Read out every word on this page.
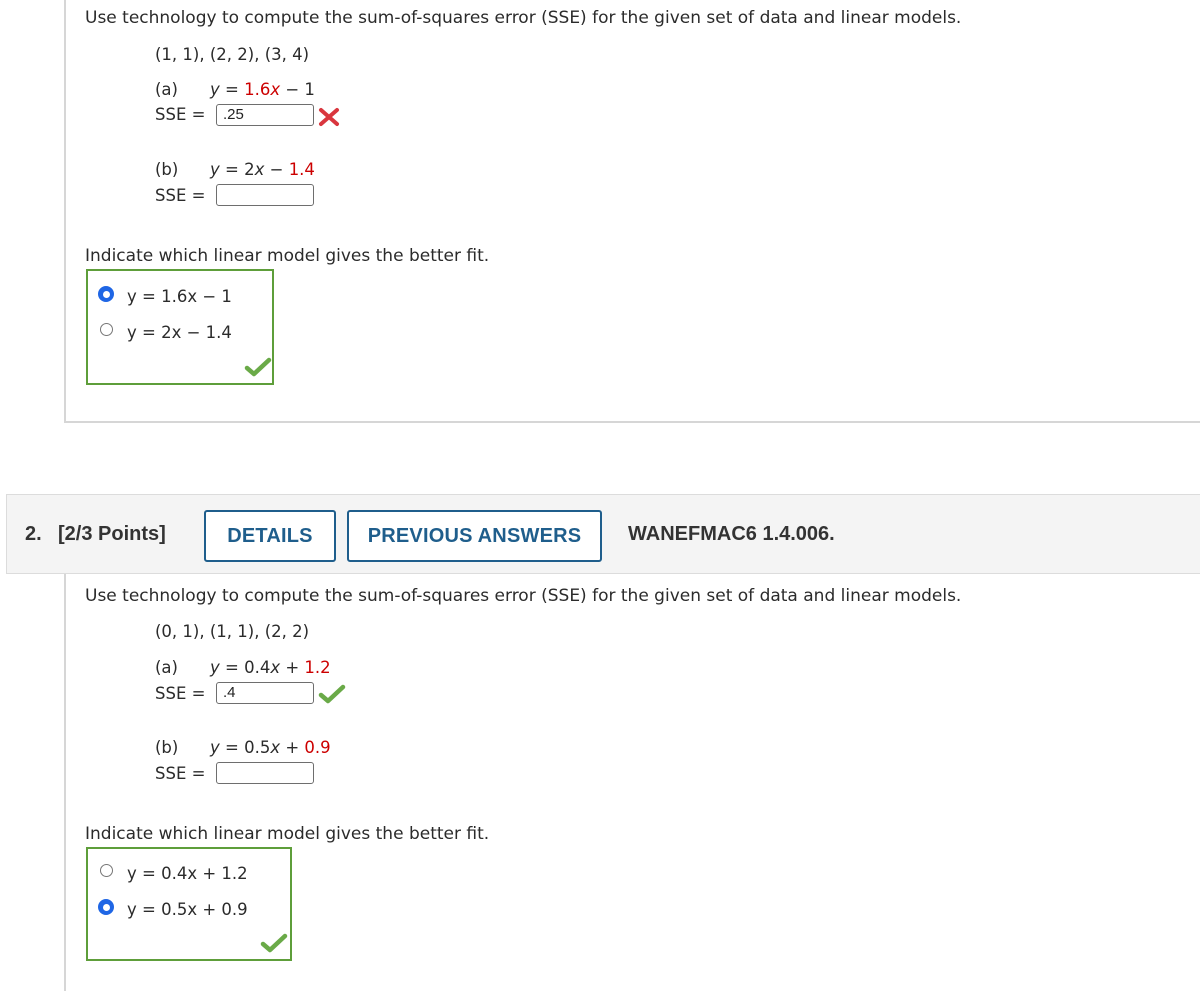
Use technology to compute the sum-of-squares error (SSE) for the given set of data and linear models.
(1, 1), (2, 2), (3, 4)
(a) y = 1.6x − 1
SSE =	.25
(b) y = 2x − 1.4
SSE =
Indicate which linear model gives the better fit.
y = 1.6x − 1
y = 2x − 1.4
2. [2/3 Points]	DETAILS	PREVIOUS ANSWERS	WANEFMAC6 1.4.006.
Use technology to compute the sum-of-squares error (SSE) for the given set of data and linear models.
(0, 1), (1, 1), (2, 2)
(a) y = 0.4x + 1.2
SSE =	.4
(b) y = 0.5x + 0.9
SSE =
Indicate which linear model gives the better fit.
y = 0.4x + 1.2
y = 0.5x + 0.9
